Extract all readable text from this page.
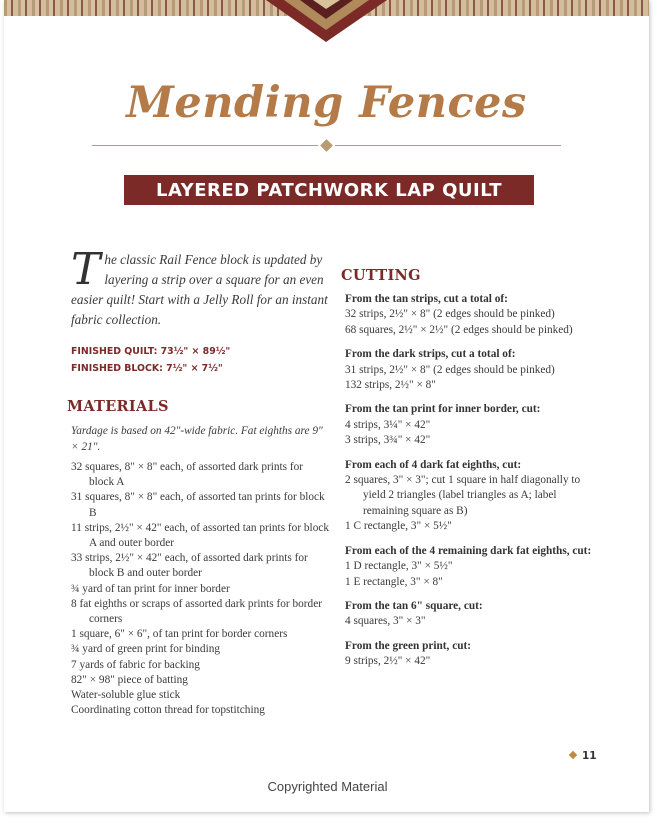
Mending Fences
LAYERED PATCHWORK LAP QUILT
The classic Rail Fence block is updated by layering a strip over a square for an even easier quilt! Start with a Jelly Roll for an instant fabric collection.
FINISHED QUILT: 73½" × 89½"
FINISHED BLOCK: 7½" × 7½"
MATERIALS
Yardage is based on 42"-wide fabric. Fat eighths are 9" × 21".
32 squares, 8" × 8" each, of assorted dark prints for block A
31 squares, 8" × 8" each, of assorted tan prints for block B
11 strips, 2½" × 42" each, of assorted tan prints for block A and outer border
33 strips, 2½" × 42" each, of assorted dark prints for block B and outer border
¾ yard of tan print for inner border
8 fat eighths or scraps of assorted dark prints for border corners
1 square, 6" × 6", of tan print for border corners
¾ yard of green print for binding
7 yards of fabric for backing
82" × 98" piece of batting
Water-soluble glue stick
Coordinating cotton thread for topstitching
CUTTING
From the tan strips, cut a total of:
32 strips, 2½" × 8" (2 edges should be pinked)
68 squares, 2½" × 2½" (2 edges should be pinked)
From the dark strips, cut a total of:
31 strips, 2½" × 8" (2 edges should be pinked)
132 strips, 2½" × 8"
From the tan print for inner border, cut:
4 strips, 3¼" × 42"
3 strips, 3¾" × 42"
From each of 4 dark fat eighths, cut:
2 squares, 3" × 3"; cut 1 square in half diagonally to yield 2 triangles (label triangles as A; label remaining square as B)
1 C rectangle, 3" × 5½"
From each of the 4 remaining dark fat eighths, cut:
1 D rectangle, 3" × 5½"
1 E rectangle, 3" × 8"
From the tan 6" square, cut:
4 squares, 3" × 3"
From the green print, cut:
9 strips, 2½" × 42"
11
Copyrighted Material
